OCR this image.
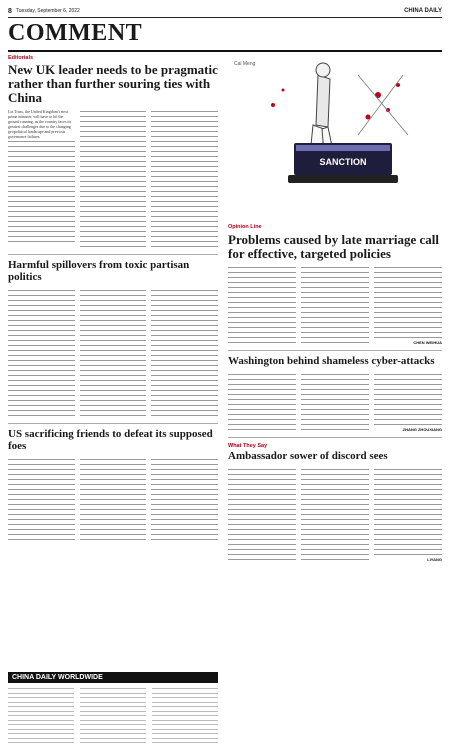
8 Tuesday, September 6, 2022	CHINA DAILY
COMMENT
Editorials
New UK leader needs to be pragmatic rather than further souring ties with China

Liz Truss, the United Kingdom's next prime minister, will have to hit the ground running, as the country faces its greatest challenges due to the changing geopolitical landscape and previous governance failures.

Harmful spillovers from toxic partisan politics
US sacrificing friends to defeat its supposed foes
Cai Meng
SANCTION
Opinion Line
Problems caused by late marriage call for effective, targeted policies
CHEN WEIHUA
Washington behind shameless cyber-attacks
ZHANG ZHOUXIANG
What They Say
Ambassador sower of discord sees
LIYANG
CHINA DAILY WORLDWIDE
